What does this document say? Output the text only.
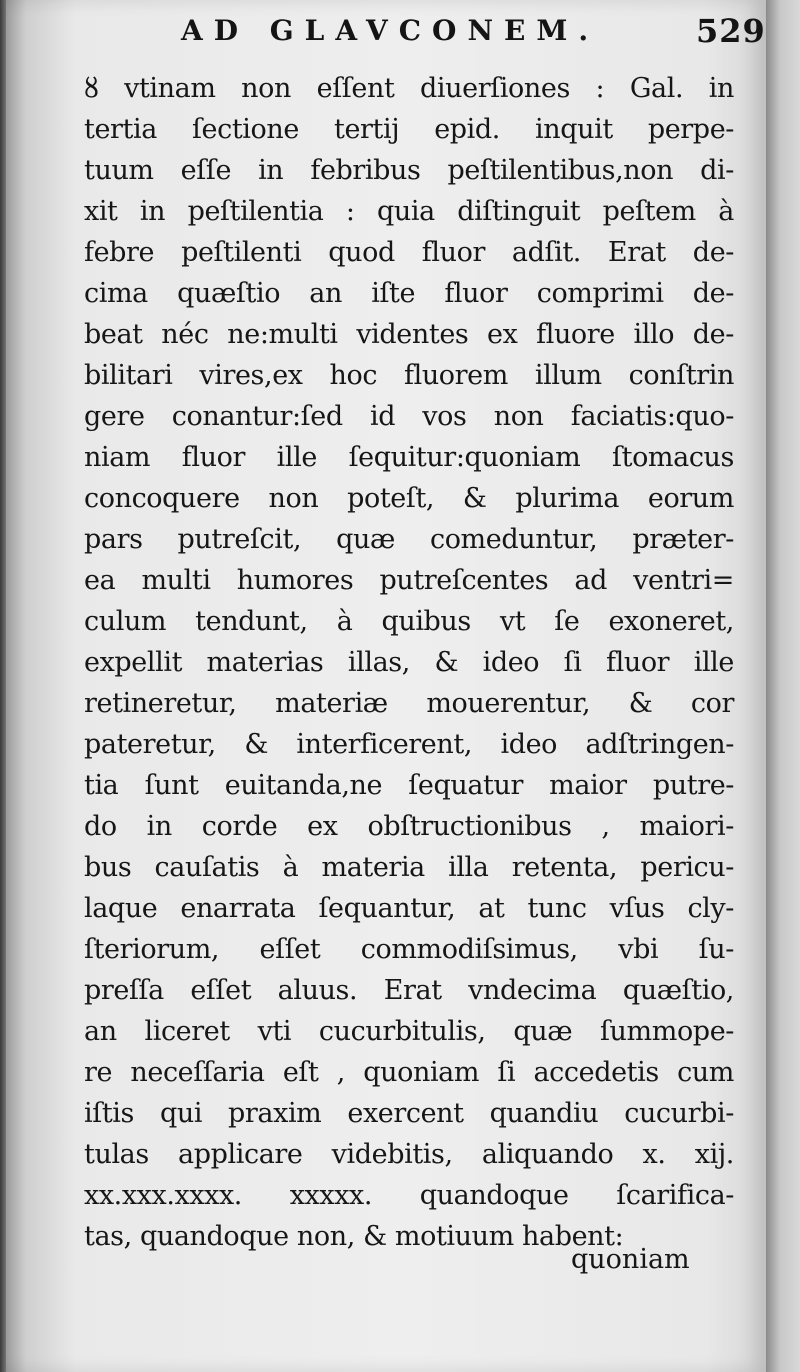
AD GLAVCONEM.	529
ȣ vtinam non eſſent diuerſiones : Gal. in
tertia ſectione tertij epid. inquit perpe-
tuum eſſe in febribus peſtilentibus,non di-
xit in peſtilentia : quia diſtinguit peſtem à
febre peſtilenti quod fluor adſit. Erat de-
cima quæſtio an iſte fluor comprimi de-
beat néc ne:multi videntes ex fluore illo de-
bilitari vires,ex hoc fluorem illum conſtrin
gere conantur:ſed id vos non faciatis:quo-
niam fluor ille ſequitur:quoniam ſtomacus
concoquere non poteſt, & plurima eorum
pars putreſcit, quæ comeduntur, præter-
ea multi humores putreſcentes ad ventri=
culum tendunt, à quibus vt ſe exoneret,
expellit materias illas, & ideo ſi fluor ille
retineretur, materiæ mouerentur, & cor
pateretur, & interficerent, ideo adſtringen-
tia ſunt euitanda,ne ſequatur maior putre-
do in corde ex obſtructionibus , maiori-
bus cauſatis à materia illa retenta, pericu-
laque enarrata ſequantur, at tunc vſus cly-
ſteriorum, eſſet commodiſsimus, vbi ſu-
preſſa eſſet aluus. Erat vndecima quæſtio,
an liceret vti cucurbitulis, quæ ſummope-
re neceſſaria eſt , quoniam ſi accedetis cum
iſtis qui praxim exercent quandiu cucurbi-
tulas applicare videbitis, aliquando x. xij.
xx.xxx.xxxx. xxxxx. quandoque ſcarifica-
tas, quandoque non, & motiuum habent:
quoniam
